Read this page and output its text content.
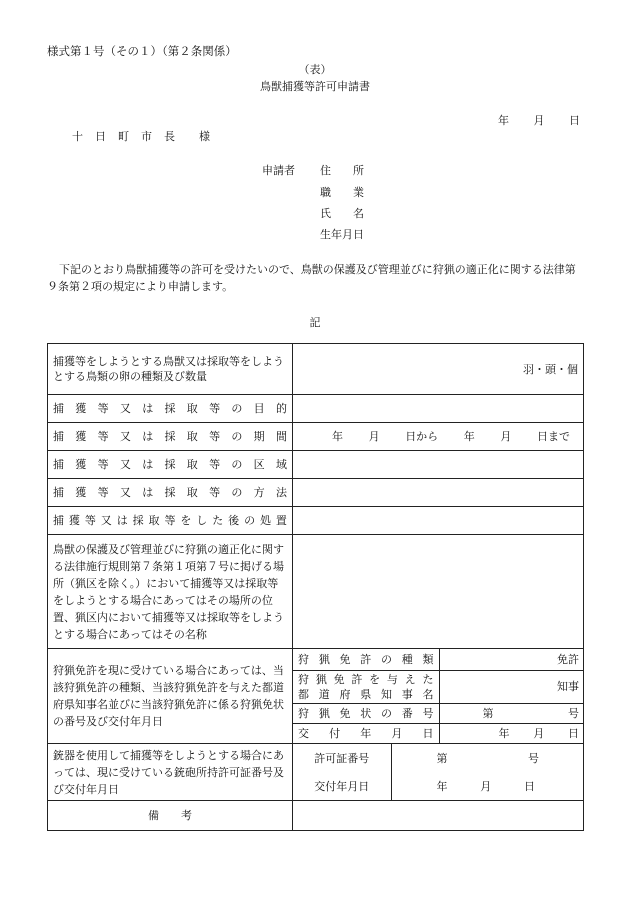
様式第１号（その１）（第２条関係）
（表）
鳥獣捕獲等許可申請書
年 月 日
十 日 町 市 長 様
申請者 住　　所
職　　業
氏　　名
生年月日
下記のとおり鳥獣捕獲等の許可を受けたいので、鳥獣の保護及び管理並びに狩猟の適正化に関する法律第９条第２項の規定により申請します。
記
捕獲等をしようとする鳥獣又は採取等をしようとする鳥類の卵の種類及び数量	羽・頭・個

捕 獲 等 又 は 採 取 等 の 目 的

捕 獲 等 又 は 採 取 等 の 期 間	年 月 日から 年 月 日まで

捕 獲 等 又 は 採 取 等 の 区 域

捕 獲 等 又 は 採 取 等 の 方 法

捕 獲 等 又 は 採 取 等 を し た 後 の 処 置

鳥獣の保護及び管理並びに狩猟の適正化に関する法律施行規則第７条第１項第７号に掲げる場所（猟区を除く。）において捕獲等又は採取等をしようとする場合にあってはその場所の位置、猟区内において捕獲等又は採取等をしようとする場合にあってはその名称	
狩猟免許を現に受けている場合にあっては、当該狩猟免許の種類、当該狩猟免許を与えた都道府県知事名並びに当該狩猟免許に係る狩猟免状の番号及び交付年月日	
狩 猟 免 許 の 種 類	免許

狩 猟 免 許 を 与 え た
都 道 府 県 知 事 名
	知事

狩 猟 免 状 の 番 号	第	号

交 付 年 月 日	年 月 日

銃器を使用して捕獲等をしようとする場合にあっては、現に受けている銃砲所持許可証番号及び交付年月日	
許可証番号	第	号

交付年月日	年	月	日

備　　考	
